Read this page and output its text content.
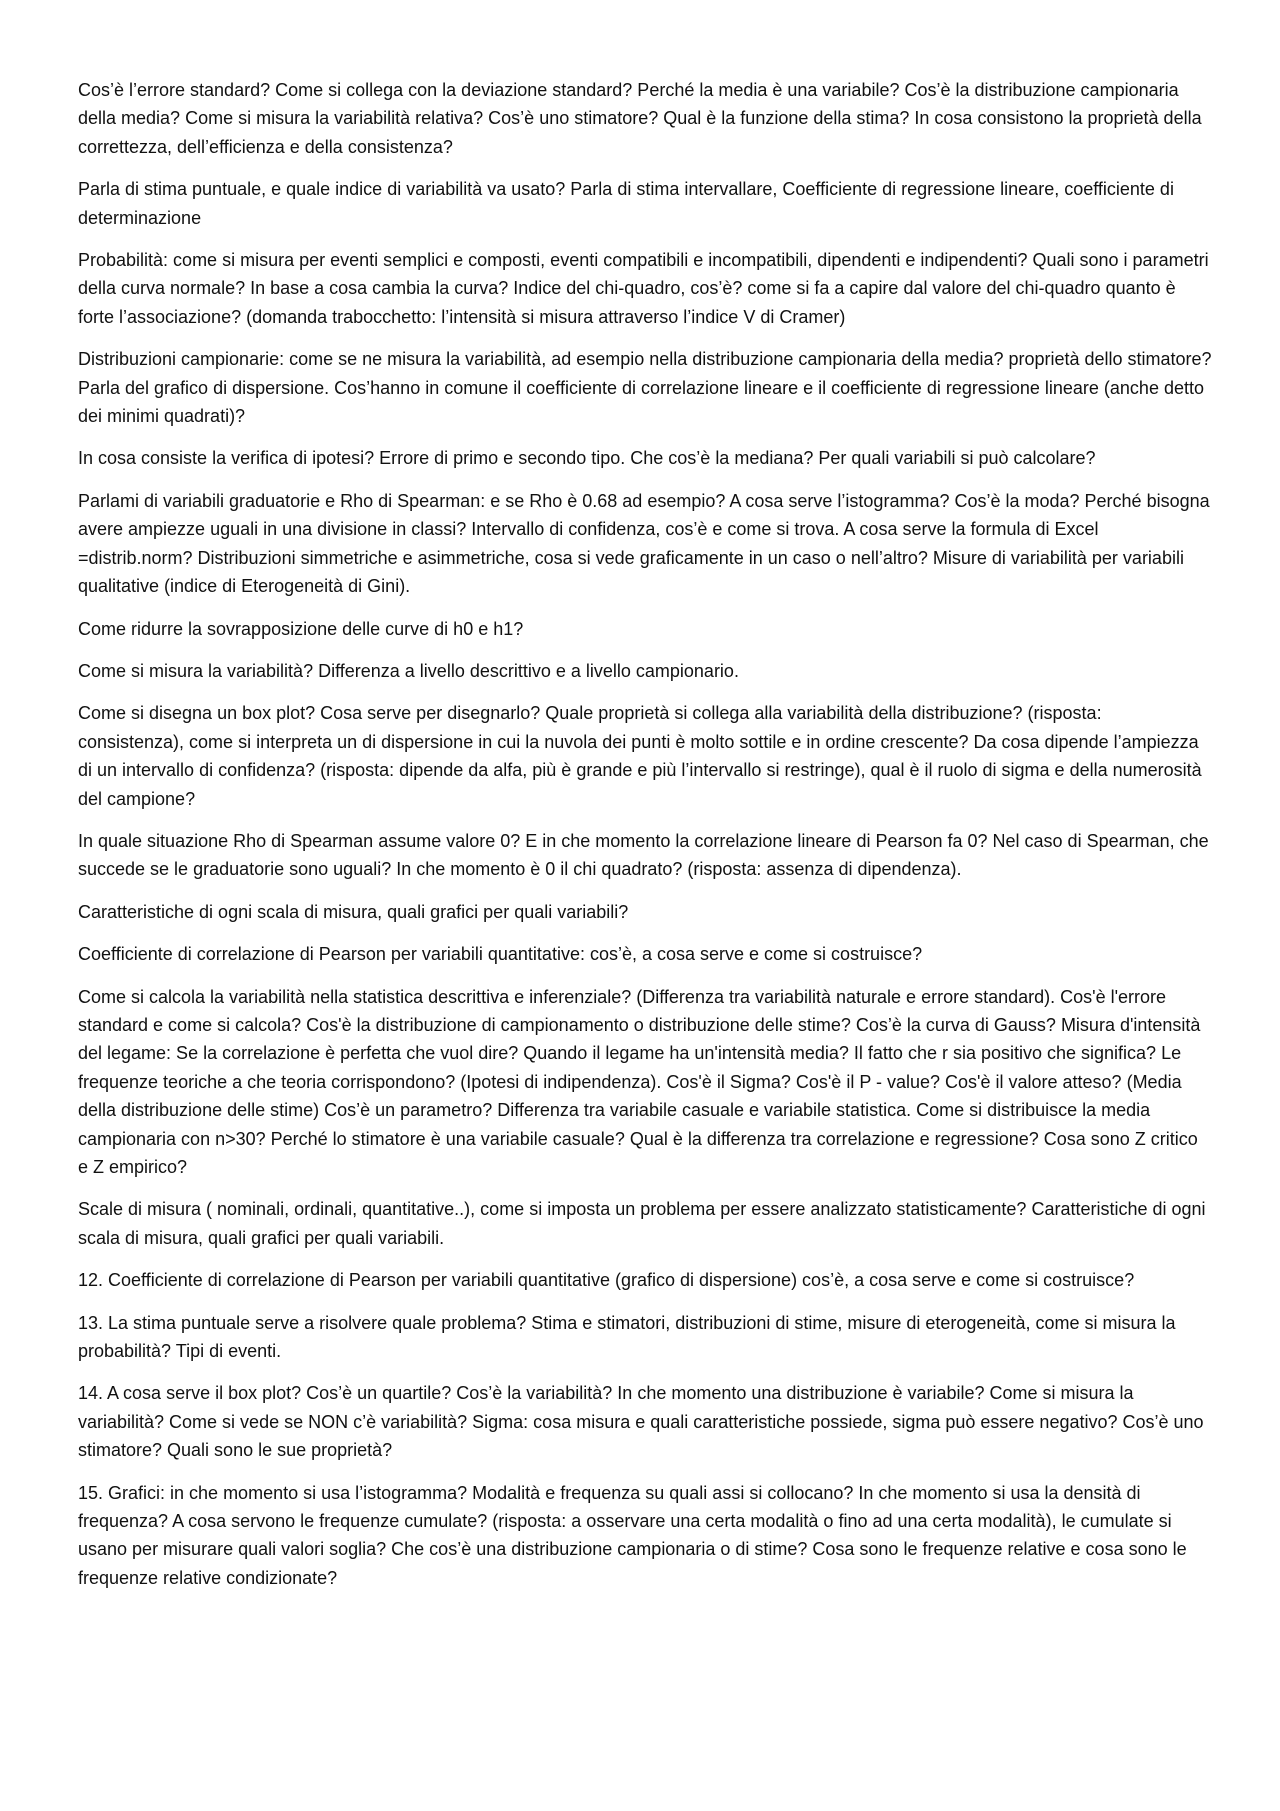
Cos’è l’errore standard? Come si collega con la deviazione standard? Perché la media è una variabile? Cos’è la distribuzione campionaria della media? Come si misura la variabilità relativa? Cos’è uno stimatore? Qual è la funzione della stima? In cosa consistono la proprietà della correttezza, dell’efficienza e della consistenza?

Parla di stima puntuale, e quale indice di variabilità va usato? Parla di stima intervallare, Coefficiente di regressione lineare, coefficiente di determinazione

Probabilità: come si misura per eventi semplici e composti, eventi compatibili e incompatibili, dipendenti e indipendenti? Quali sono i parametri della curva normale? In base a cosa cambia la curva? Indice del chi-quadro, cos’è? come si fa a capire dal valore del chi-quadro quanto è forte l’associazione? (domanda trabocchetto: l’intensità si misura attraverso l’indice V di Cramer)

Distribuzioni campionarie: come se ne misura la variabilità, ad esempio nella distribuzione campionaria della media? proprietà dello stimatore? Parla del grafico di dispersione. Cos’hanno in comune il coefficiente di correlazione lineare e il coefficiente di regressione lineare (anche detto dei minimi quadrati)?

In cosa consiste la verifica di ipotesi? Errore di primo e secondo tipo. Che cos’è la mediana? Per quali variabili si può calcolare?

Parlami di variabili graduatorie e Rho di Spearman: e se Rho è 0.68 ad esempio? A cosa serve l’istogramma? Cos’è la moda? Perché bisogna avere ampiezze uguali in una divisione in classi? Intervallo di confidenza, cos’è e come si trova. A cosa serve la formula di Excel =distrib.norm? Distribuzioni simmetriche e asimmetriche, cosa si vede graficamente in un caso o nell’altro? Misure di variabilità per variabili qualitative (indice di Eterogeneità di Gini).

Come ridurre la sovrapposizione delle curve di h0 e h1?

Come si misura la variabilità? Differenza a livello descrittivo e a livello campionario.

Come si disegna un box plot? Cosa serve per disegnarlo? Quale proprietà si collega alla variabilità della distribuzione? (risposta: consistenza), come si interpreta un di dispersione in cui la nuvola dei punti è molto sottile e in ordine crescente? Da cosa dipende l’ampiezza di un intervallo di confidenza? (risposta: dipende da alfa, più è grande e più l’intervallo si restringe), qual è il ruolo di sigma e della numerosità del campione?

In quale situazione Rho di Spearman assume valore 0? E in che momento la correlazione lineare di Pearson fa 0? Nel caso di Spearman, che succede se le graduatorie sono uguali? In che momento è 0 il chi quadrato? (risposta: assenza di dipendenza).

Caratteristiche di ogni scala di misura, quali grafici per quali variabili?

Coefficiente di correlazione di Pearson per variabili quantitative: cos’è, a cosa serve e come si costruisce?

Come si calcola la variabilità nella statistica descrittiva e inferenziale? (Differenza tra variabilità naturale e errore standard). Cos'è l'errore standard e come si calcola? Cos'è la distribuzione di campionamento o distribuzione delle stime? Cos’è la curva di Gauss? Misura d'intensità del legame: Se la correlazione è perfetta che vuol dire? Quando il legame ha un'intensità media? Il fatto che r sia positivo che significa? Le frequenze teoriche a che teoria corrispondono? (Ipotesi di indipendenza). Cos'è il Sigma? Cos'è il P - value? Cos'è il valore atteso? (Media della distribuzione delle stime) Cos’è un parametro? Differenza tra variabile casuale e variabile statistica. Come si distribuisce la media campionaria con n>30? Perché lo stimatore è una variabile casuale? Qual è la differenza tra correlazione e regressione? Cosa sono Z critico e Z empirico?

Scale di misura ( nominali, ordinali, quantitative..), come si imposta un problema per essere analizzato statisticamente? Caratteristiche di ogni scala di misura, quali grafici per quali variabili.

12. Coefficiente di correlazione di Pearson per variabili quantitative (grafico di dispersione) cos’è, a cosa serve e come si costruisce?

13. La stima puntuale serve a risolvere quale problema? Stima e stimatori, distribuzioni di stime, misure di eterogeneità, come si misura la probabilità? Tipi di eventi.

14. A cosa serve il box plot? Cos’è un quartile? Cos’è la variabilità? In che momento una distribuzione è variabile? Come si misura la variabilità? Come si vede se NON c’è variabilità? Sigma: cosa misura e quali caratteristiche possiede, sigma può essere negativo? Cos’è uno stimatore? Quali sono le sue proprietà?

15. Grafici: in che momento si usa l’istogramma? Modalità e frequenza su quali assi si collocano? In che momento si usa la densità di frequenza? A cosa servono le frequenze cumulate? (risposta: a osservare una certa modalità o fino ad una certa modalità), le cumulate si usano per misurare quali valori soglia? Che cos’è una distribuzione campionaria o di stime? Cosa sono le frequenze relative e cosa sono le frequenze relative condizionate?
